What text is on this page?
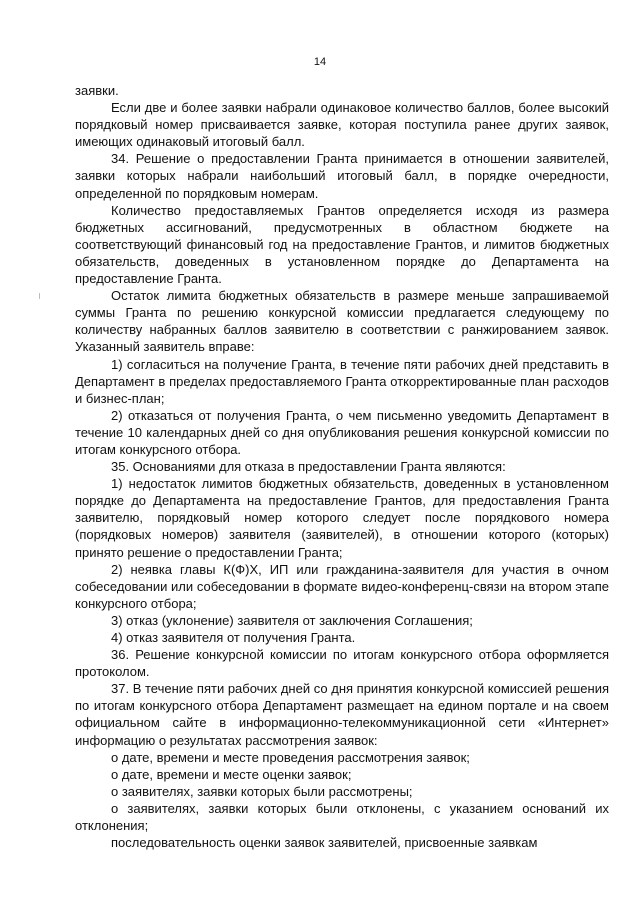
14

заявки.

Если две и более заявки набрали одинаковое количество баллов, более высокий порядковый номер присваивается заявке, которая поступила ранее других заявок, имеющих одинаковый итоговый балл.

34. Решение о предоставлении Гранта принимается в отношении заявителей, заявки которых набрали наибольший итоговый балл, в порядке очередности, определенной по порядковым номерам.

Количество предоставляемых Грантов определяется исходя из размера бюджетных ассигнований, предусмотренных в областном бюджете на соответствующий финансовый год на предоставление Грантов, и лимитов бюджетных обязательств, доведенных в установленном порядке до Департамента на предоставление Гранта.

Остаток лимита бюджетных обязательств в размере меньше запрашиваемой суммы Гранта по решению конкурсной комиссии предлагается следующему по количеству набранных баллов заявителю в соответствии с ранжированием заявок. Указанный заявитель вправе:

1) согласиться на получение Гранта, в течение пяти рабочих дней представить в Департамент в пределах предоставляемого Гранта откорректированные план расходов и бизнес-план;

2) отказаться от получения Гранта, о чем письменно уведомить Департамент в течение 10 календарных дней со дня опубликования решения конкурсной комиссии по итогам конкурсного отбора.

35. Основаниями для отказа в предоставлении Гранта являются:

1) недостаток лимитов бюджетных обязательств, доведенных в установленном порядке до Департамента на предоставление Грантов, для предоставления Гранта заявителю, порядковый номер которого следует после порядкового номера (порядковых номеров) заявителя (заявителей), в отношении которого (которых) принято решение о предоставлении Гранта;

2) неявка главы К(Ф)Х, ИП или гражданина-заявителя для участия в очном собеседовании или собеседовании в формате видео-конференц-связи на втором этапе конкурсного отбора;

3) отказ (уклонение) заявителя от заключения Соглашения;

4) отказ заявителя от получения Гранта.

36. Решение конкурсной комиссии по итогам конкурсного отбора оформляется протоколом.

37. В течение пяти рабочих дней со дня принятия конкурсной комиссией решения по итогам конкурсного отбора Департамент размещает на едином портале и на своем официальном сайте в информационно-телекоммуникационной сети «Интернет» информацию о результатах рассмотрения заявок:

о дате, времени и месте проведения рассмотрения заявок;

о дате, времени и месте оценки заявок;

о заявителях, заявки которых были рассмотрены;

о заявителях, заявки которых были отклонены, с указанием оснований их отклонения;

последовательность оценки заявок заявителей, присвоенные заявкам
